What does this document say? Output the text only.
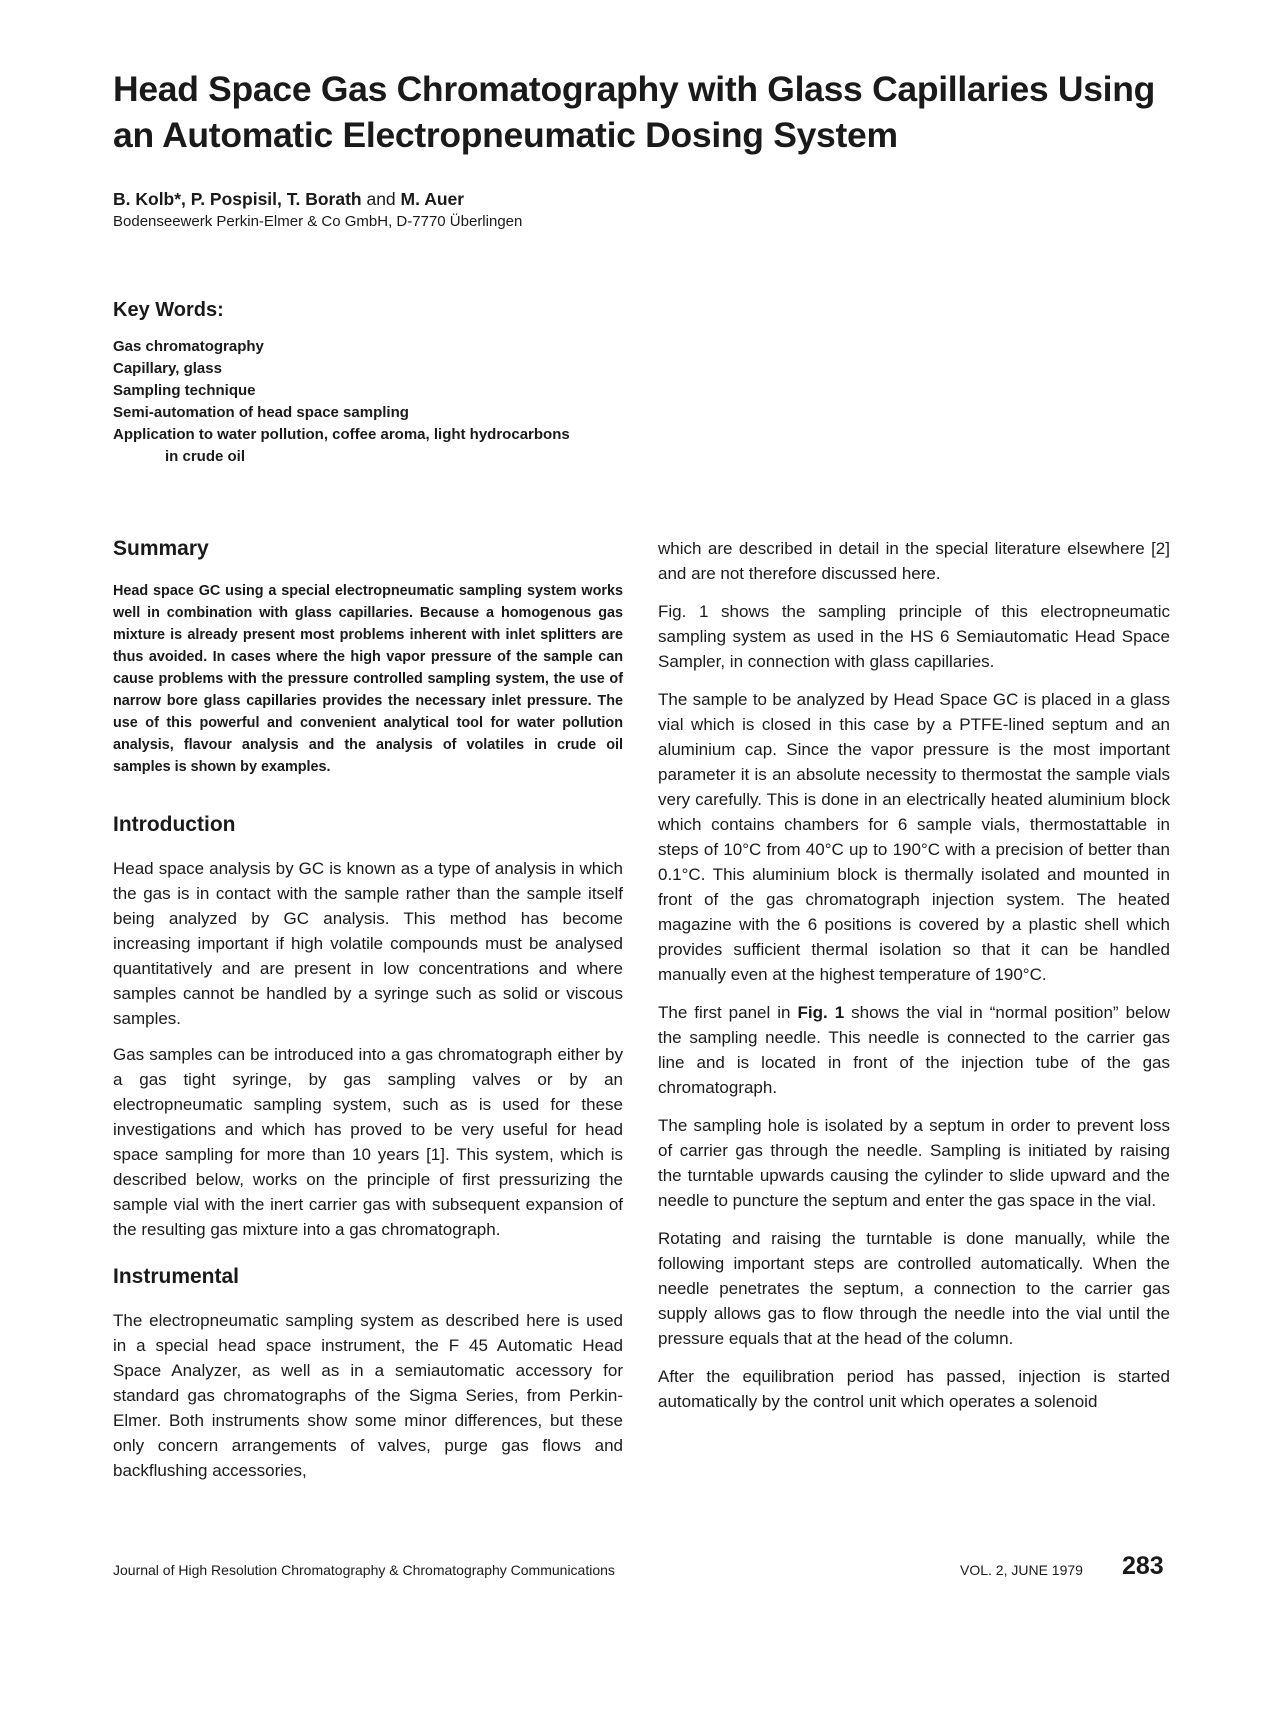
Head Space Gas Chromatography with Glass Capillaries Using an Automatic Electropneumatic Dosing System
B. Kolb*, P. Pospisil, T. Borath and M. Auer
Bodenseewerk Perkin-Elmer & Co GmbH, D-7770 Überlingen
Key Words:
Gas chromatography
Capillary, glass
Sampling technique
Semi-automation of head space sampling
Application to water pollution, coffee aroma, light hydrocarbons
in crude oil
Summary
Head space GC using a special electropneumatic sampling system works well in combination with glass capillaries. Because a homogenous gas mixture is already present most problems inherent with inlet splitters are thus avoided. In cases where the high vapor pressure of the sample can cause problems with the pressure controlled sampling system, the use of narrow bore glass capillaries provides the necessary inlet pressure. The use of this powerful and convenient analytical tool for water pollution analysis, flavour analysis and the analysis of volatiles in crude oil samples is shown by examples.
Introduction
Head space analysis by GC is known as a type of analysis in which the gas is in contact with the sample rather than the sample itself being analyzed by GC analysis. This method has become increasing important if high volatile compounds must be analysed quantitatively and are present in low concentrations and where samples cannot be handled by a syringe such as solid or viscous samples.
Gas samples can be introduced into a gas chromatograph either by a gas tight syringe, by gas sampling valves or by an electropneumatic sampling system, such as is used for these investigations and which has proved to be very useful for head space sampling for more than 10 years [1]. This system, which is described below, works on the principle of first pressurizing the sample vial with the inert carrier gas with subsequent expansion of the resulting gas mixture into a gas chromatograph.
Instrumental
The electropneumatic sampling system as described here is used in a special head space instrument, the F 45 Automatic Head Space Analyzer, as well as in a semiautomatic accessory for standard gas chromatographs of the Sigma Series, from Perkin-Elmer. Both instruments show some minor differences, but these only concern arrangements of valves, purge gas flows and backflushing accessories,
which are described in detail in the special literature elsewhere [2] and are not therefore discussed here.
Fig. 1 shows the sampling principle of this electropneumatic sampling system as used in the HS 6 Semiautomatic Head Space Sampler, in connection with glass capillaries.
The sample to be analyzed by Head Space GC is placed in a glass vial which is closed in this case by a PTFE-lined septum and an aluminium cap. Since the vapor pressure is the most important parameter it is an absolute necessity to thermostat the sample vials very carefully. This is done in an electrically heated aluminium block which contains chambers for 6 sample vials, thermostattable in steps of 10°C from 40°C up to 190°C with a precision of better than 0.1°C. This aluminium block is thermally isolated and mounted in front of the gas chromatograph injection system. The heated magazine with the 6 positions is covered by a plastic shell which provides sufficient thermal isolation so that it can be handled manually even at the highest temperature of 190°C.
The first panel in Fig. 1 shows the vial in “normal position” below the sampling needle. This needle is connected to the carrier gas line and is located in front of the injection tube of the gas chromatograph.
The sampling hole is isolated by a septum in order to prevent loss of carrier gas through the needle. Sampling is initiated by raising the turntable upwards causing the cylinder to slide upward and the needle to puncture the septum and enter the gas space in the vial.
Rotating and raising the turntable is done manually, while the following important steps are controlled automatically. When the needle penetrates the septum, a connection to the carrier gas supply allows gas to flow through the needle into the vial until the pressure equals that at the head of the column.
After the equilibration period has passed, injection is started automatically by the control unit which operates a solenoid
Journal of High Resolution Chromatography & Chromatography Communications	VOL. 2, JUNE 1979 283
